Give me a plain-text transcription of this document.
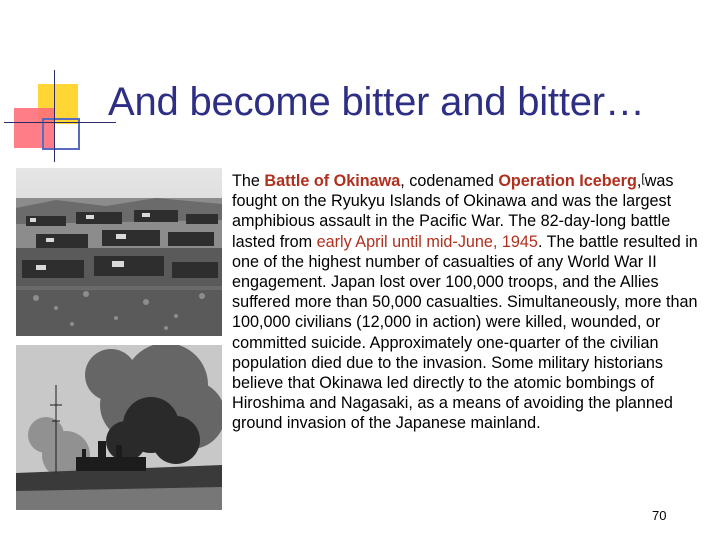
And become bitter and bitter…
The Battle of Okinawa, codenamed Operation Iceberg,[was fought on the Ryukyu Islands of Okinawa and was the largest amphibious assault in the Pacific War. The 82-day-long battle lasted from early April until mid-June, 1945. The battle resulted in one of the highest number of casualties of any World War II engagement. Japan lost over 100,000 troops, and the Allies suffered more than 50,000 casualties. Simultaneously, more than 100,000 civilians (12,000 in action) were killed, wounded, or committed suicide. Approximately one-quarter of the civilian population died due to the invasion. Some military historians believe that Okinawa led directly to the atomic bombings of Hiroshima and Nagasaki, as a means of avoiding the planned ground invasion of the Japanese mainland.
70
